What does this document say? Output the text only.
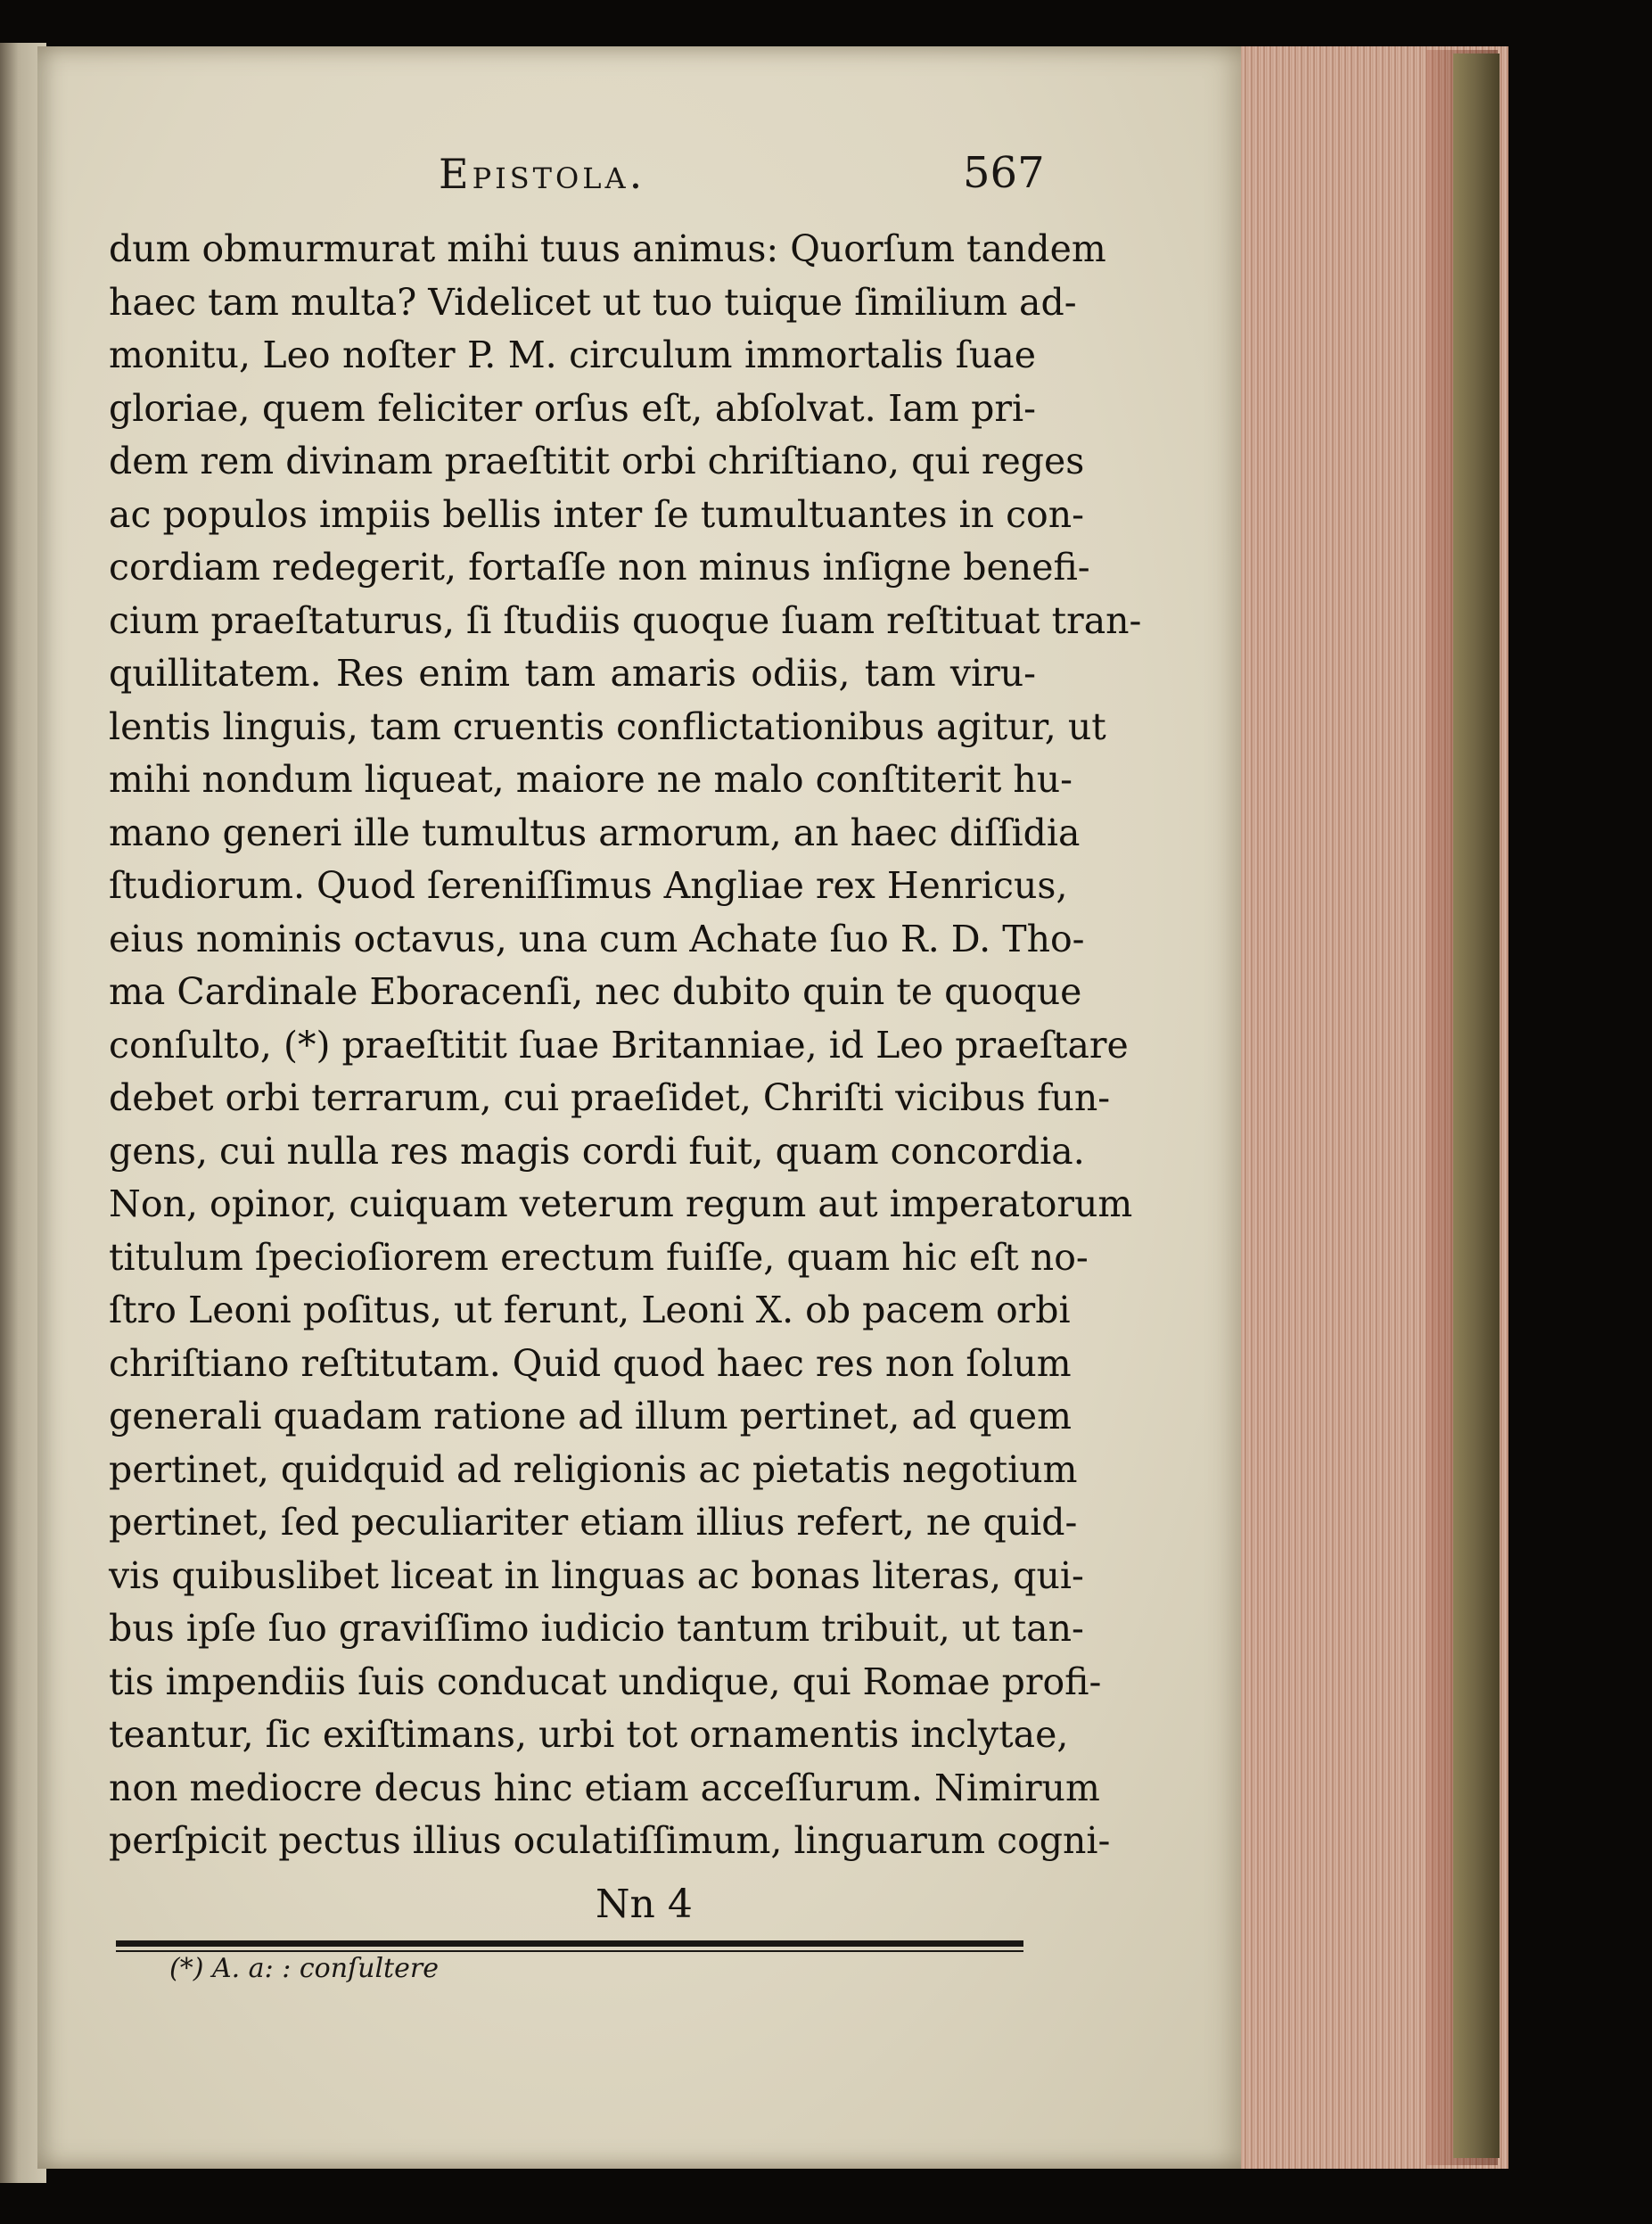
Epistola.	567
dum obmurmurat mihi tuus animus: Quorſum tandem
haec tam multa? Videlicet ut tuo tuique ſimilium ad-
monitu, Leo noſter P. M. circulum immortalis ſuae
gloriae, quem feliciter orſus eſt, abſolvat. Iam pri-
dem rem divinam praeſtitit orbi chriſtiano, qui reges
ac populos impiis bellis inter ſe tumultuantes in con-
cordiam redegerit, fortaſſe non minus inſigne benefi-
cium praeſtaturus, ſi ſtudiis quoque ſuam reſtituat tran-
quillitatem. Res enim tam amaris odiis, tam viru-
lentis linguis, tam cruentis conflictationibus agitur, ut
mihi nondum liqueat, maiore ne malo conſtiterit hu-
mano generi ille tumultus armorum, an haec diſſidia
ſtudiorum. Quod ſereniſſimus Angliae rex Henricus,
eius nominis octavus, una cum Achate ſuo R. D. Tho-
ma Cardinale Eboracenſi, nec dubito quin te quoque
conſulto, (*) praeſtitit ſuae Britanniae, id Leo praeſtare
debet orbi terrarum, cui praeſidet, Chriſti vicibus fun-
gens, cui nulla res magis cordi fuit, quam concordia.
Non, opinor, cuiquam veterum regum aut imperatorum
titulum ſpecioſiorem erectum fuiſſe, quam hic eſt no-
ſtro Leoni poſitus, ut ferunt, Leoni X. ob pacem orbi
chriſtiano reſtitutam. Quid quod haec res non ſolum
generali quadam ratione ad illum pertinet, ad quem
pertinet, quidquid ad religionis ac pietatis negotium
pertinet, ſed peculiariter etiam illius refert, ne quid-
vis quibuslibet liceat in linguas ac bonas literas, qui-
bus ipſe ſuo graviſſimo iudicio tantum tribuit, ut tan-
tis impendiis ſuis conducat undique, qui Romae profi-
teantur, ſic exiſtimans, urbi tot ornamentis inclytae,
non mediocre decus hinc etiam acceſſurum. Nimirum
perſpicit pectus illius oculatiſſimum, linguarum cogni-
Nn 4
(*) A. a: : conſultere
